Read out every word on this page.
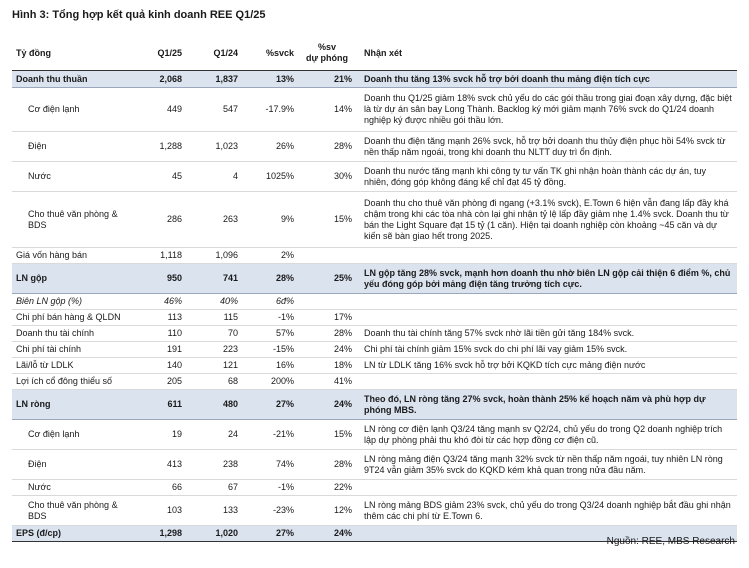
Hình 3: Tổng hợp kết quả kinh doanh REE Q1/25
Tỷ đồng	Q1/25	Q1/24	%svck	%sv
dự phóng	Nhận xét
Doanh thu thuần	2,068	1,837	13%	21%	Doanh thu tăng 13% svck hỗ trợ bởi doanh thu mảng điện tích cực
Cơ điện lạnh	449	547	-17.9%	14%	Doanh thu Q1/25 giảm 18% svck chủ yếu do các gói thầu trong giai đoạn xây dựng, đặc biệt là từ dự án sân bay Long Thành. Backlog ký mới giảm mạnh 76% svck do Q1/24 doanh nghiệp ký được nhiều gói thầu lớn.
Điện	1,288	1,023	26%	28%	Doanh thu điện tăng mạnh 26% svck, hỗ trợ bởi doanh thu thủy điện phục hồi 54% svck từ nền thấp năm ngoái, trong khi doanh thu NLTT duy trì ổn định.
Nước	45	4	1025%	30%	Doanh thu nước tăng mạnh khi công ty tư vấn TK ghi nhận hoàn thành các dự án, tuy nhiên, đóng góp không đáng kể chỉ đạt 45 tỷ đồng.
Cho thuê văn phòng & BDS	286	263	9%	15%	Doanh thu cho thuê văn phòng đi ngang (+3.1% svck), E.Town 6 hiện vẫn đang lấp đầy khá chậm trong khi các tòa nhà còn lại ghi nhận tỷ lệ lấp đầy giảm nhẹ 1.4% svck. Doanh thu từ bán the Light Square đạt 15 tỷ (1 căn). Hiện tại doanh nghiệp còn khoảng ~45 căn và dự kiến sẽ bàn giao hết trong 2025.
Giá vốn hàng bán	1,118	1,096	2%		
LN gộp	950	741	28%	25%	LN gộp tăng 28% svck, mạnh hơn doanh thu nhờ biên LN gộp cải thiện 6 điểm %, chủ yếu đóng góp bởi mảng điện tăng trưởng tích cực.
Biên LN gộp (%)	46%	40%	6đ%		
Chi phí bán hàng & QLDN	113	115	-1%	17%	
Doanh thu tài chính	110	70	57%	28%	Doanh thu tài chính tăng 57% svck nhờ lãi tiền gửi tăng 184% svck.
Chi phí tài chính	191	223	-15%	24%	Chi phí tài chính giảm 15% svck do chi phí lãi vay giảm 15% svck.
Lãi/lỗ từ LDLK	140	121	16%	18%	LN từ LDLK tăng 16% svck hỗ trợ bởi KQKD tích cực mảng điện nước
Lợi ích cổ đông thiểu số	205	68	200%	41%	
LN ròng	611	480	27%	24%	Theo đó, LN ròng tăng 27% svck, hoàn thành 25% kế hoạch năm và phù hợp dự phóng MBS.
Cơ điện lạnh	19	24	-21%	15%	LN ròng cơ điện lạnh Q3/24 tăng mạnh sv Q2/24, chủ yếu do trong Q2 doanh nghiệp trích lập dự phòng phải thu khó đòi từ các hợp đồng cơ điện cũ.
Điện	413	238	74%	28%	LN ròng mảng điện Q3/24 tăng mạnh 32% svck từ nền thấp năm ngoái, tuy nhiên LN ròng 9T24 vẫn giảm 35% svck do KQKD kém khả quan trong nửa đầu năm.
Nước	66	67	-1%	22%	
Cho thuê văn phòng & BDS	103	133	-23%	12%	LN ròng mảng BDS giảm 23% svck, chủ yếu do trong Q3/24 doanh nghiệp bắt đầu ghi nhận thêm các chi phí từ E.Town 6.
EPS (đ/cp)	1,298	1,020	27%	24%	
Nguồn: REE, MBS Research
